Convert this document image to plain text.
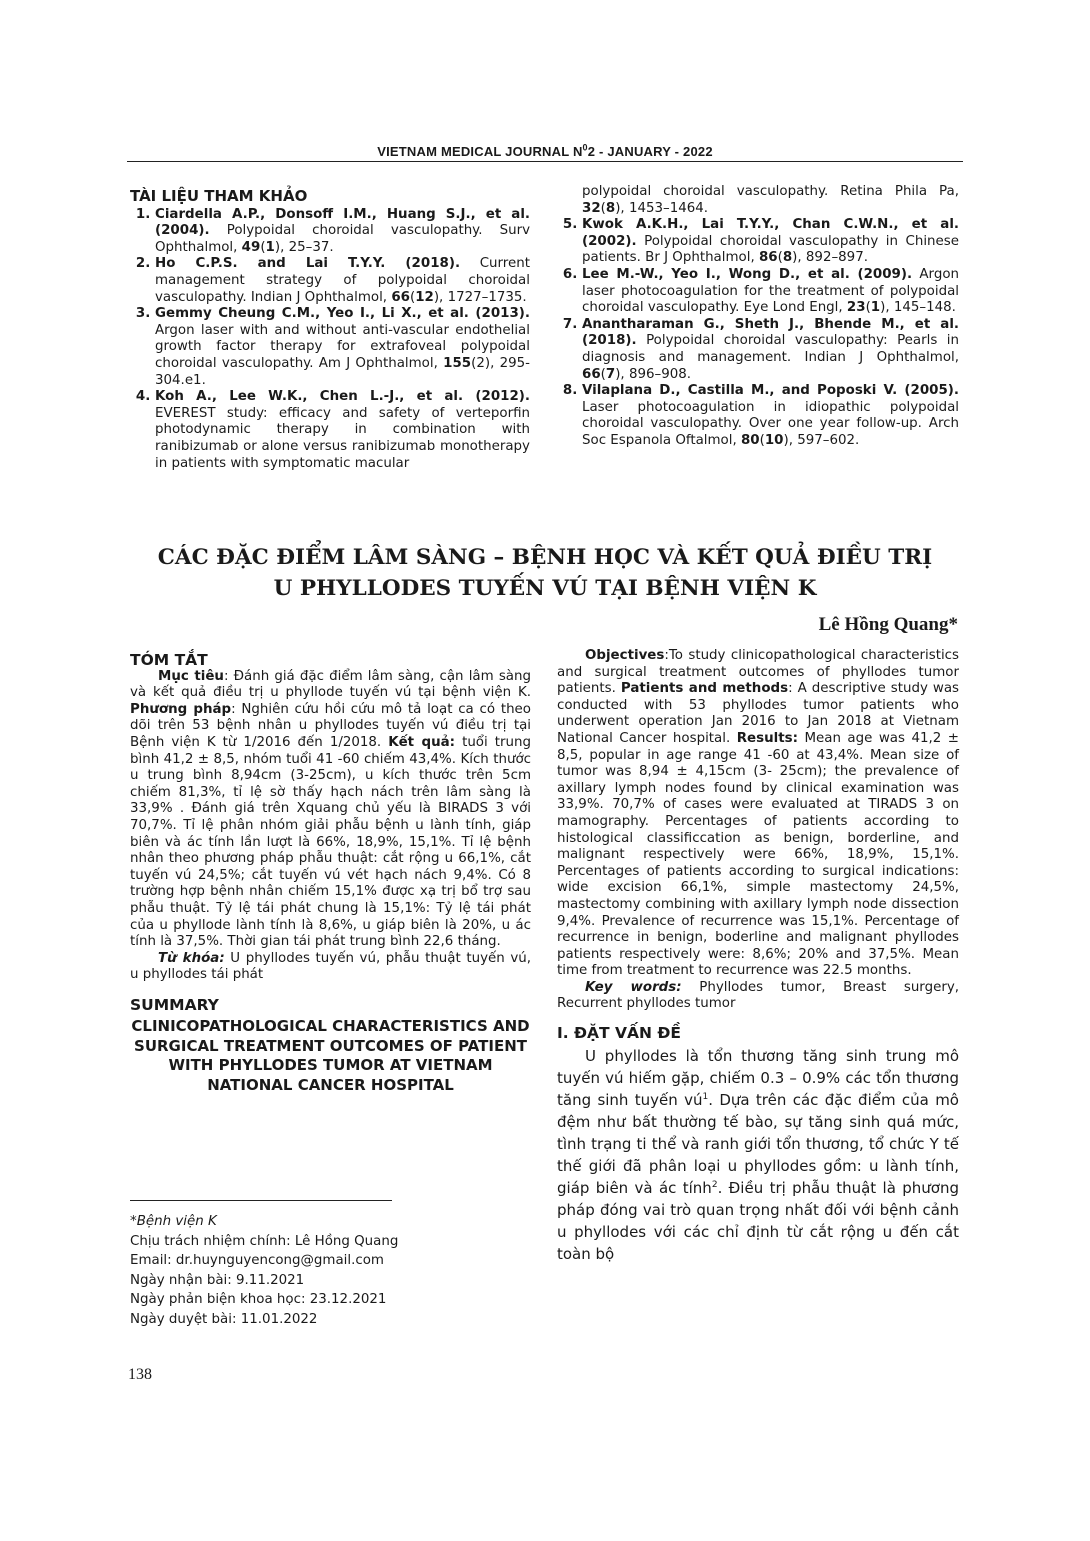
VIETNAM MEDICAL JOURNAL $N^02$ - JANUARY - 2022
TÀI LIỆU THAM KHẢO
1. Ciardella A.P., Donsoff I.M., Huang S.J., et al. (2004). Polypoidal choroidal vasculopathy. Surv Ophthalmol, 49(1), 25–37.
2. Ho C.P.S. and Lai T.Y.Y. (2018). Current management strategy of polypoidal choroidal vasculopathy. Indian J Ophthalmol, 66(12), 1727–1735.
3. Gemmy Cheung C.M., Yeo I., Li X., et al. (2013). Argon laser with and without anti-vascular endothelial growth factor therapy for extrafoveal polypoidal choroidal vasculopathy. Am J Ophthalmol, 155(2), 295-304.e1.
4. Koh A., Lee W.K., Chen L.-J., et al. (2012). EVEREST study: efficacy and safety of verteporfin photodynamic therapy in combination with ranibizumab or alone versus ranibizumab monotherapy in patients with symptomatic macular
polypoidal choroidal vasculopathy. Retina Phila Pa, 32(8), 1453–1464.
5. Kwok A.K.H., Lai T.Y.Y., Chan C.W.N., et al. (2002). Polypoidal choroidal vasculopathy in Chinese patients. Br J Ophthalmol, 86(8), 892–897.
6. Lee M.-W., Yeo I., Wong D., et al. (2009). Argon laser photocoagulation for the treatment of polypoidal choroidal vasculopathy. Eye Lond Engl, 23(1), 145–148.
7. Anantharaman G., Sheth J., Bhende M., et al. (2018). Polypoidal choroidal vasculopathy: Pearls in diagnosis and management. Indian J Ophthalmol, 66(7), 896–908.
8. Vilaplana D., Castilla M., and Poposki V. (2005). Laser photocoagulation in idiopathic polypoidal choroidal vasculopathy. Over one year follow-up. Arch Soc Espanola Oftalmol, 80(10), 597–602.
CÁC ĐẶC ĐIỂM LÂM SÀNG – BỆNH HỌC VÀ KẾT QUẢ ĐIỀU TRỊ
U PHYLLODES TUYẾN VÚ TẠI BỆNH VIỆN K
Lê Hồng Quang*
TÓM TẮT

Mục tiêu: Đánh giá đặc điểm lâm sàng, cận lâm sàng và kết quả điều trị u phyllode tuyến vú tại bệnh viện K. Phương pháp: Nghiên cứu hồi cứu mô tả loạt ca có theo dõi trên 53 bệnh nhân u phyllodes tuyến vú điều trị tại Bệnh viện K từ 1/2016 đến 1/2018. Kết quả: tuổi trung bình 41,2 ± 8,5, nhóm tuổi 41 -60 chiếm 43,4%. Kích thước u trung bình 8,94cm (3-25cm), u kích thước trên 5cm chiếm 81,3%, tỉ lệ sờ thấy hạch nách trên lâm sàng là 33,9% . Đánh giá trên Xquang chủ yếu là BIRADS 3 với 70,7%. Tỉ lệ phân nhóm giải phẫu bệnh u lành tính, giáp biên và ác tính lần lượt là 66%, 18,9%, 15,1%. Tỉ lệ bệnh nhân theo phương pháp phẫu thuật: cắt rộng u 66,1%, cắt tuyến vú 24,5%; cắt tuyến vú vét hạch nách 9,4%. Có 8 trường hợp bệnh nhân chiếm 15,1% được xạ trị bổ trợ sau phẫu thuật. Tỷ lệ tái phát chung là 15,1%: Tỷ lệ tái phát của u phyllode lành tính là 8,6%, u giáp biên là 20%, u ác tính là 37,5%. Thời gian tái phát trung bình 22,6 tháng.

Từ khóa: U phyllodes tuyến vú, phẫu thuật tuyến vú, u phyllodes tái phát

SUMMARY
CLINICOPATHOLOGICAL CHARACTERISTICS AND SURGICAL TREATMENT OUTCOMES OF PATIENT WITH PHYLLODES TUMOR AT VIETNAM NATIONAL CANCER HOSPITAL
*Bệnh viện K
Chịu trách nhiệm chính: Lê Hồng Quang
Email: dr.huynguyencong@gmail.com
Ngày nhận bài: 9.11.2021
Ngày phản biện khoa học: 23.12.2021
Ngày duyệt bài: 11.01.2022

Objectives:To study clinicopathological characteristics and surgical treatment outcomes of phyllodes tumor patients. Patients and methods: A descriptive study was conducted with 53 phyllodes tumor patients who underwent operation Jan 2016 to Jan 2018 at Vietnam National Cancer hospital. Results: Mean age was 41,2 ± 8,5, popular in age range 41 -60 at 43,4%. Mean size of tumor was 8,94 ± 4,15cm (3- 25cm); the prevalence of axillary lymph nodes found by clinical examination was 33,9%. 70,7% of cases were evaluated at TIRADS 3 on mamography. Percentages of patients according to histological classificcation as benign, borderline, and malignant respectively were 66%, 18,9%, 15,1%. Percentages of patients according to surgical indications: wide excision 66,1%, simple mastectomy 24,5%, mastectomy combining with axillary lymph node dissection 9,4%. Prevalence of recurrence was 15,1%. Percentage of recurrence in benign, boderline and malignant phyllodes patients respectively were: 8,6%; 20% and 37,5%. Mean time from treatment to recurrence was 22.5 months.

Key words: Phyllodes tumor, Breast surgery, Recurrent phyllodes tumor

I. ĐẶT VẤN ĐỀ

U phyllodes là tổn thương tăng sinh trung mô tuyến vú hiếm gặp, chiếm 0.3 – 0.9% các tổn thương tăng sinh tuyến $vú^1$. Dựa trên các đặc điểm của mô đệm như bất thường tế bào, sự tăng sinh quá mức, tình trạng ti thể và ranh giới tổn thương, tổ chức Y tế thế giới đã phân loại u phyllodes gồm: u lành tính, giáp biên và ác tính$^2$. Điều trị phẫu thuật là phương pháp đóng vai trò quan trọng nhất đối với bệnh cảnh u phyllodes với các chỉ định từ cắt rộng u đến cắt toàn bộ

138
